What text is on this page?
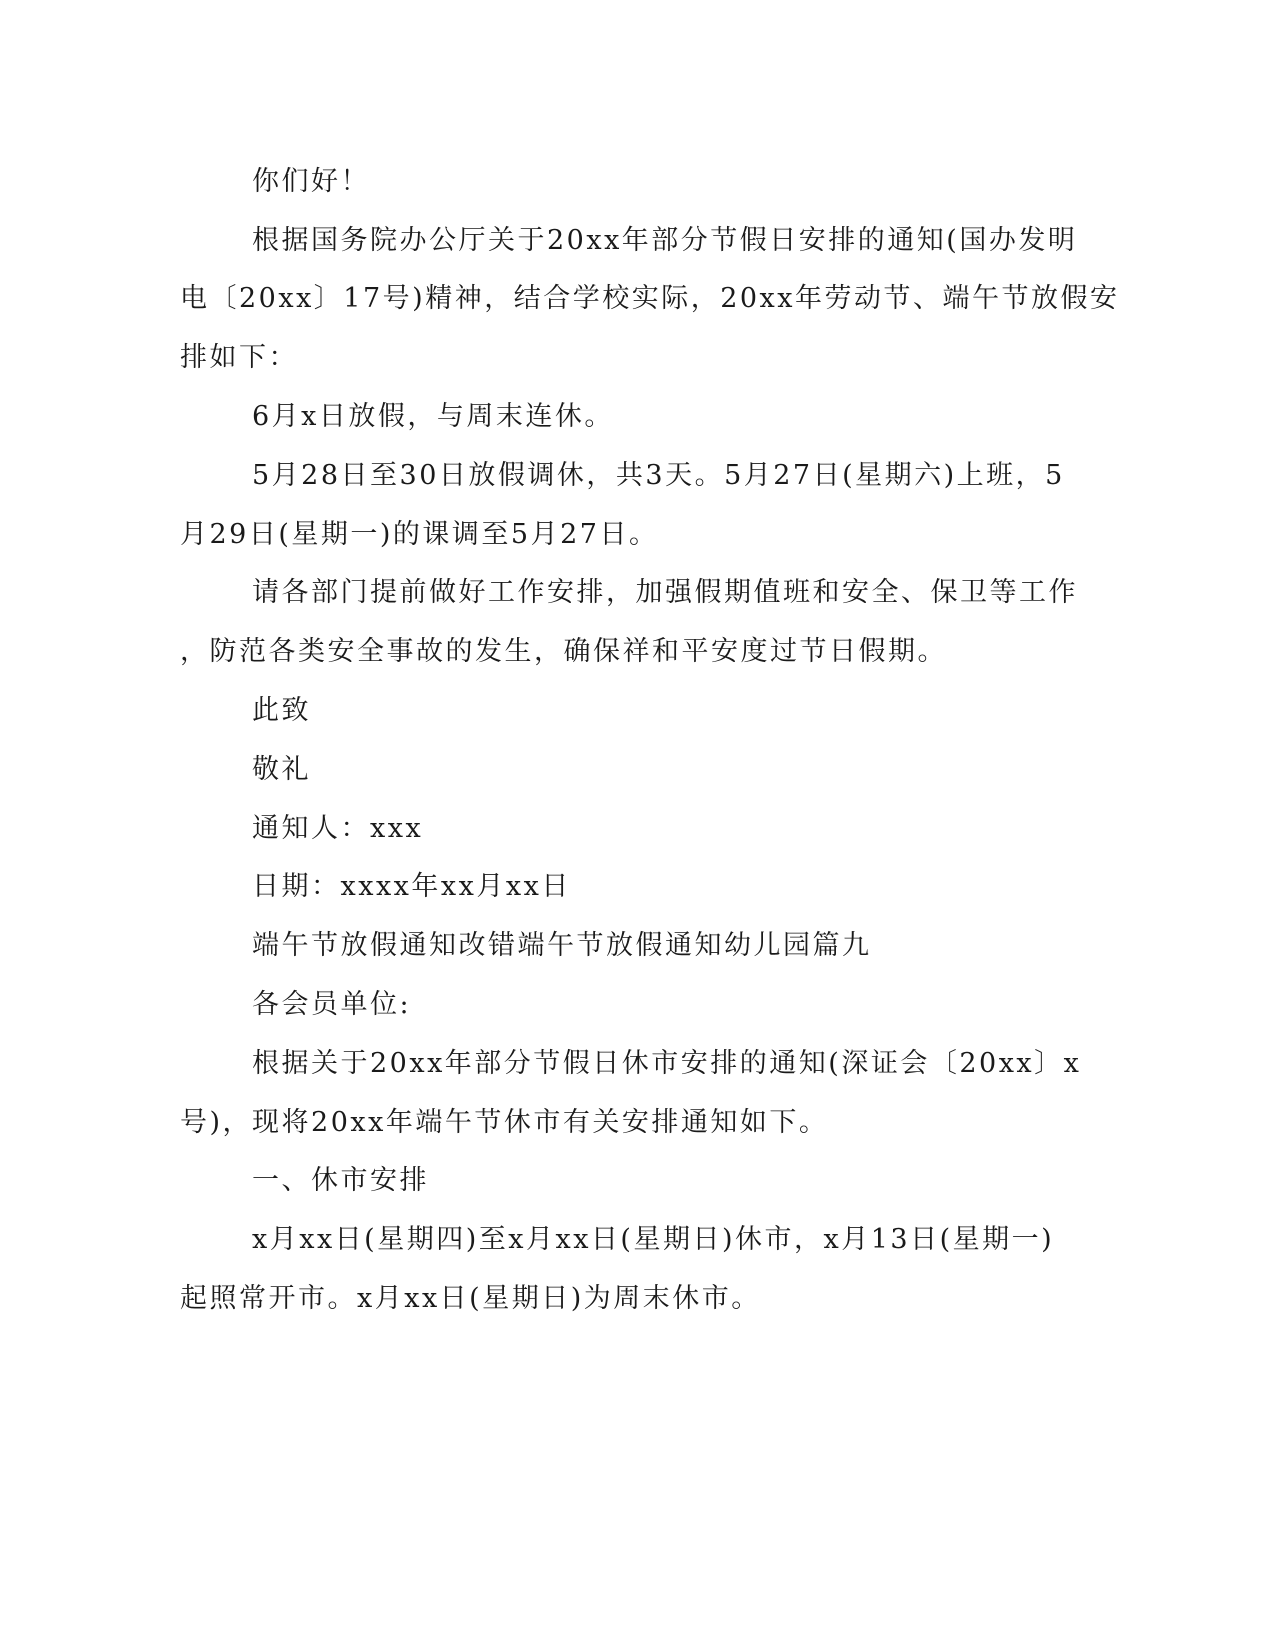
你们好！
根据国务院办公厅关于20xx年部分节假日安排的通知(国办发明
电〔20xx〕17号)精神，结合学校实际，20xx年劳动节、端午节放假安
排如下：
6月x日放假，与周末连休。
5月28日至30日放假调休，共3天。5月27日(星期六)上班，5
月29日(星期一)的课调至5月27日。
请各部门提前做好工作安排，加强假期值班和安全、保卫等工作
，防范各类安全事故的发生，确保祥和平安度过节日假期。
此致
敬礼
通知人：xxx
日期：xxxx年xx月xx日
端午节放假通知改错端午节放假通知幼儿园篇九
各会员单位:
根据关于20xx年部分节假日休市安排的通知(深证会〔20xx〕x
号)，现将20xx年端午节休市有关安排通知如下。
一、休市安排
x月xx日(星期四)至x月xx日(星期日)休市，x月13日(星期一)
起照常开市。x月xx日(星期日)为周末休市。
